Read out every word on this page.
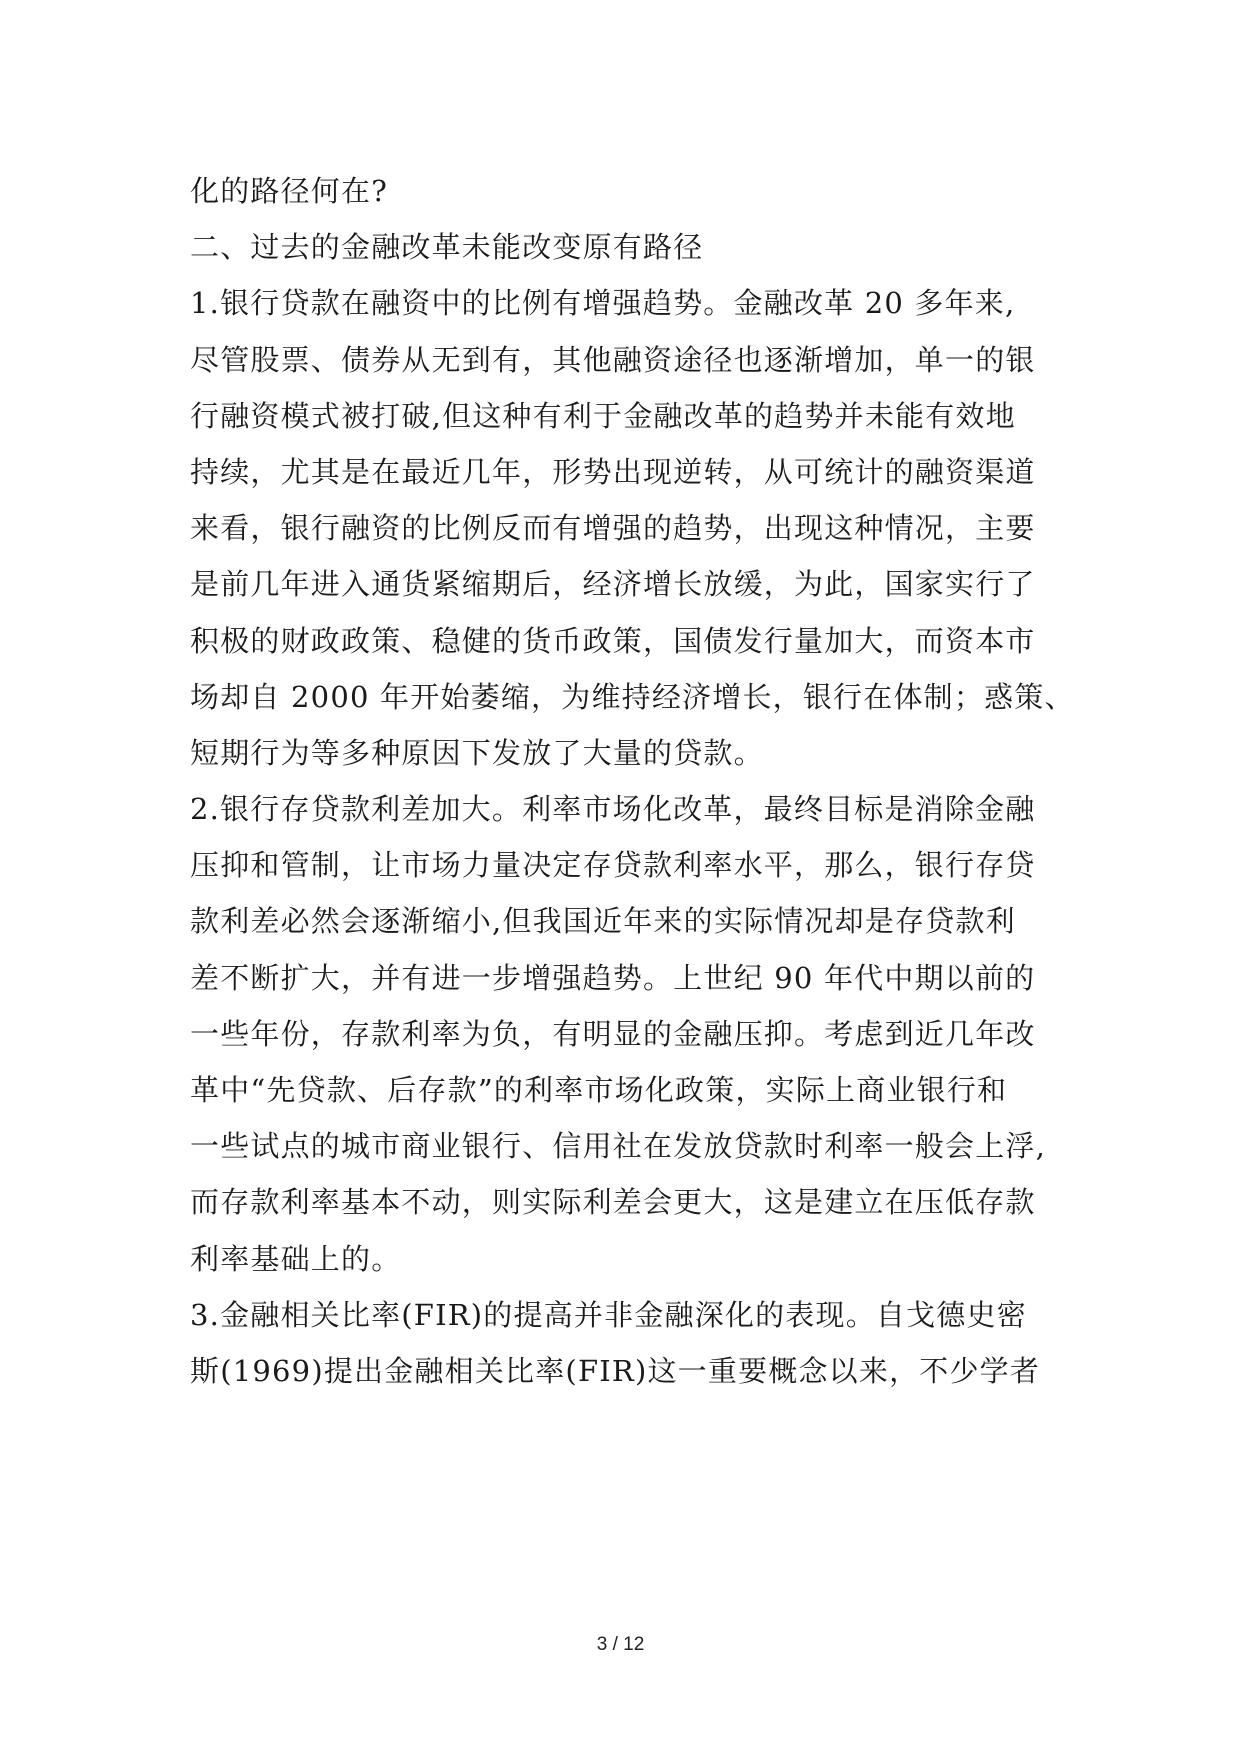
化的路径何在?
二、过去的金融改革未能改变原有路径
1.银行贷款在融资中的比例有增强趋势。金融改革 20 多年来,
尽管股票、债券从无到有，其他融资途径也逐渐增加，单一的银
行融资模式被打破,但这种有利于金融改革的趋势并未能有效地
持续，尤其是在最近几年，形势出现逆转，从可统计的融资渠道
来看，银行融资的比例反而有增强的趋势，出现这种情况，主要
是前几年进入通货紧缩期后，经济增长放缓，为此，国家实行了
积极的财政政策、稳健的货币政策，国债发行量加大，而资本市
场却自 2000 年开始萎缩，为维持经济增长，银行在体制；惑策、
短期行为等多种原因下发放了大量的贷款。
2.银行存贷款利差加大。利率市场化改革，最终目标是消除金融
压抑和管制，让市场力量决定存贷款利率水平，那么，银行存贷
款利差必然会逐渐缩小,但我国近年来的实际情况却是存贷款利
差不断扩大，并有进一步增强趋势。上世纪 90 年代中期以前的
一些年份，存款利率为负，有明显的金融压抑。考虑到近几年改
革中“先贷款、后存款”的利率市场化政策，实际上商业银行和
一些试点的城市商业银行、信用社在发放贷款时利率一般会上浮,
而存款利率基本不动，则实际利差会更大，这是建立在压低存款
利率基础上的。
3.金融相关比率(FIR)的提高并非金融深化的表现。自戈德史密
斯(1969)提出金融相关比率(FIR)这一重要概念以来，不少学者
3 / 12
